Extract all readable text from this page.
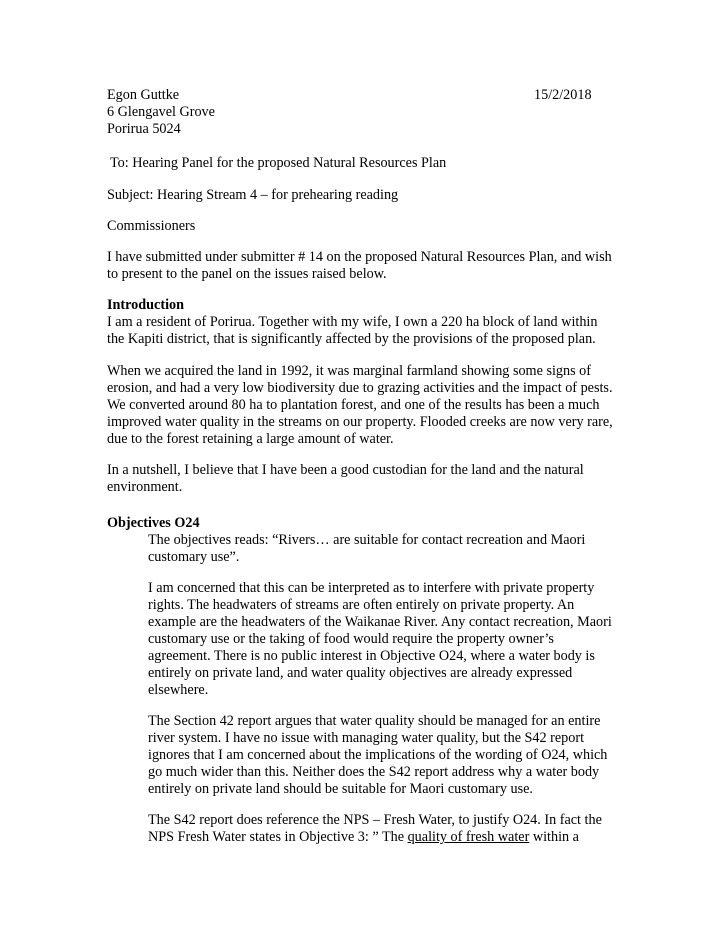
Egon Guttke	15/2/2018
6 Glengavel Grove
Porirua 5024
To: Hearing Panel for the proposed Natural Resources Plan
Subject: Hearing Stream 4 – for prehearing reading
Commissioners
I have submitted under submitter # 14 on the proposed Natural Resources Plan, and wish
to present to the panel on the issues raised below.
Introduction
I am a resident of Porirua. Together with my wife, I own a 220 ha block of land within
the Kapiti district, that is significantly affected by the provisions of the proposed plan.
When we acquired the land in 1992, it was marginal farmland showing some signs of
erosion, and had a very low biodiversity due to grazing activities and the impact of pests.
We converted around 80 ha to plantation forest, and one of the results has been a much
improved water quality in the streams on our property. Flooded creeks are now very rare,
due to the forest retaining a large amount of water.
In a nutshell, I believe that I have been a good custodian for the land and the natural
environment.
Objectives O24
The objectives reads: “Rivers… are suitable for contact recreation and Maori
customary use”.
I am concerned that this can be interpreted as to interfere with private property
rights. The headwaters of streams are often entirely on private property. An
example are the headwaters of the Waikanae River. Any contact recreation, Maori
customary use or the taking of food would require the property owner’s
agreement. There is no public interest in Objective O24, where a water body is
entirely on private land, and water quality objectives are already expressed
elsewhere.
The Section 42 report argues that water quality should be managed for an entire
river system. I have no issue with managing water quality, but the S42 report
ignores that I am concerned about the implications of the wording of O24, which
go much wider than this. Neither does the S42 report address why a water body
entirely on private land should be suitable for Maori customary use.
The S42 report does reference the NPS – Fresh Water, to justify O24. In fact the
NPS Fresh Water states in Objective 3: ” The quality of fresh water within a
